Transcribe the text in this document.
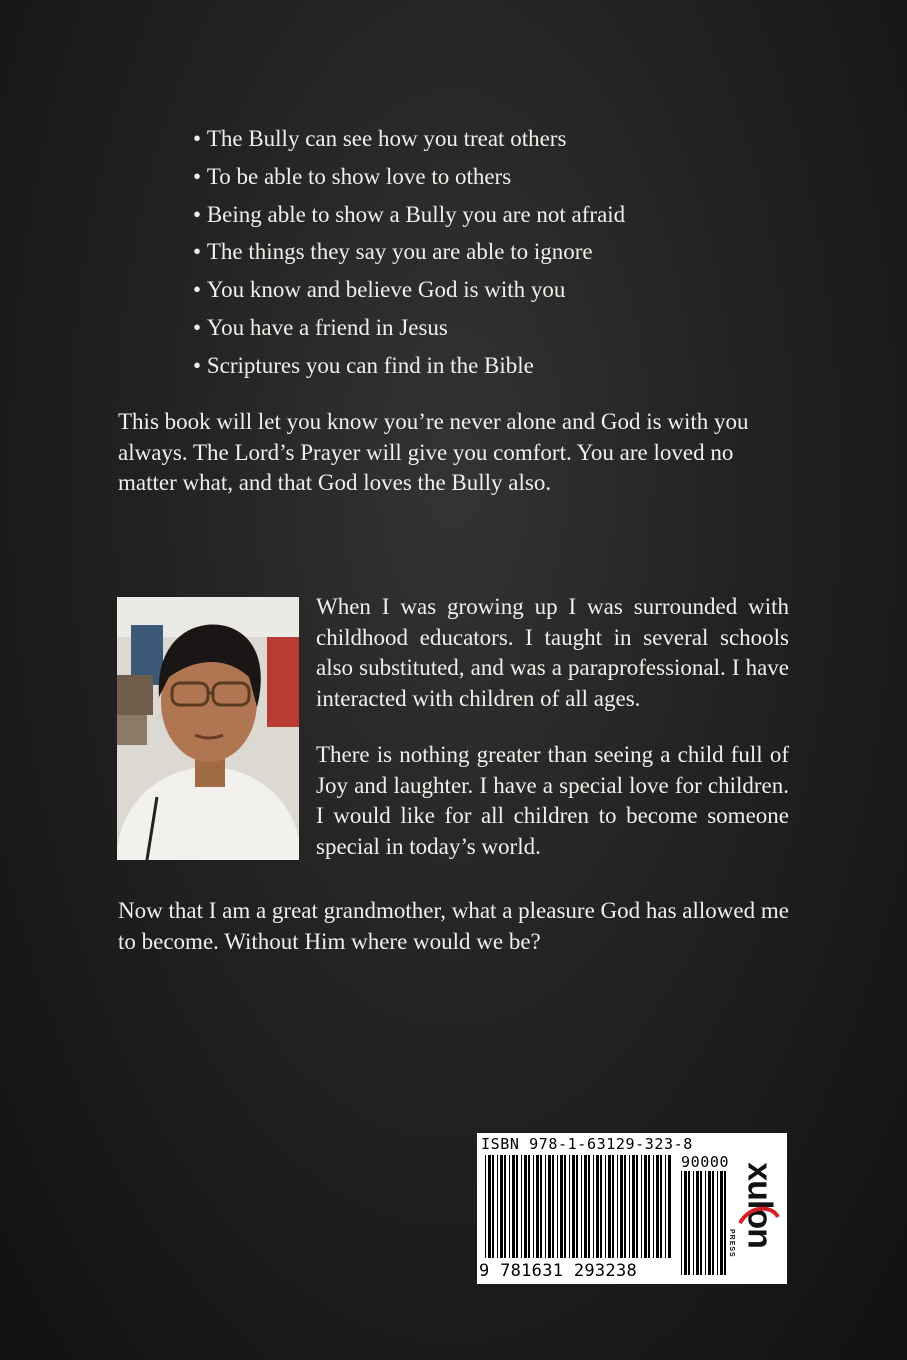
• The Bully can see how you treat others
• To be able to show love to others
• Being able to show a Bully you are not afraid
• The things they say you are able to ignore
• You know and believe God is with you
• You have a friend in Jesus
• Scriptures you can find in the Bible

This book will let you know you’re never alone and God is with you always. The Lord’s Prayer will give you comfort. You are loved no matter what, and that God loves the Bully also.

When I was growing up I was surrounded with childhood educators. I taught in several schools also substituted, and was a paraprofessional. I have interacted with children of all ages.

There is nothing greater than seeing a child full of Joy and laughter. I have a special love for children. I would like for all children to become someone special in today’s world.

Now that I am a great grandmother, what a pleasure God has allowed me to become. Without Him where would we be?

ISBN 978-1-63129-323-8
90000
9 781631 293238
xulon
PRESS
